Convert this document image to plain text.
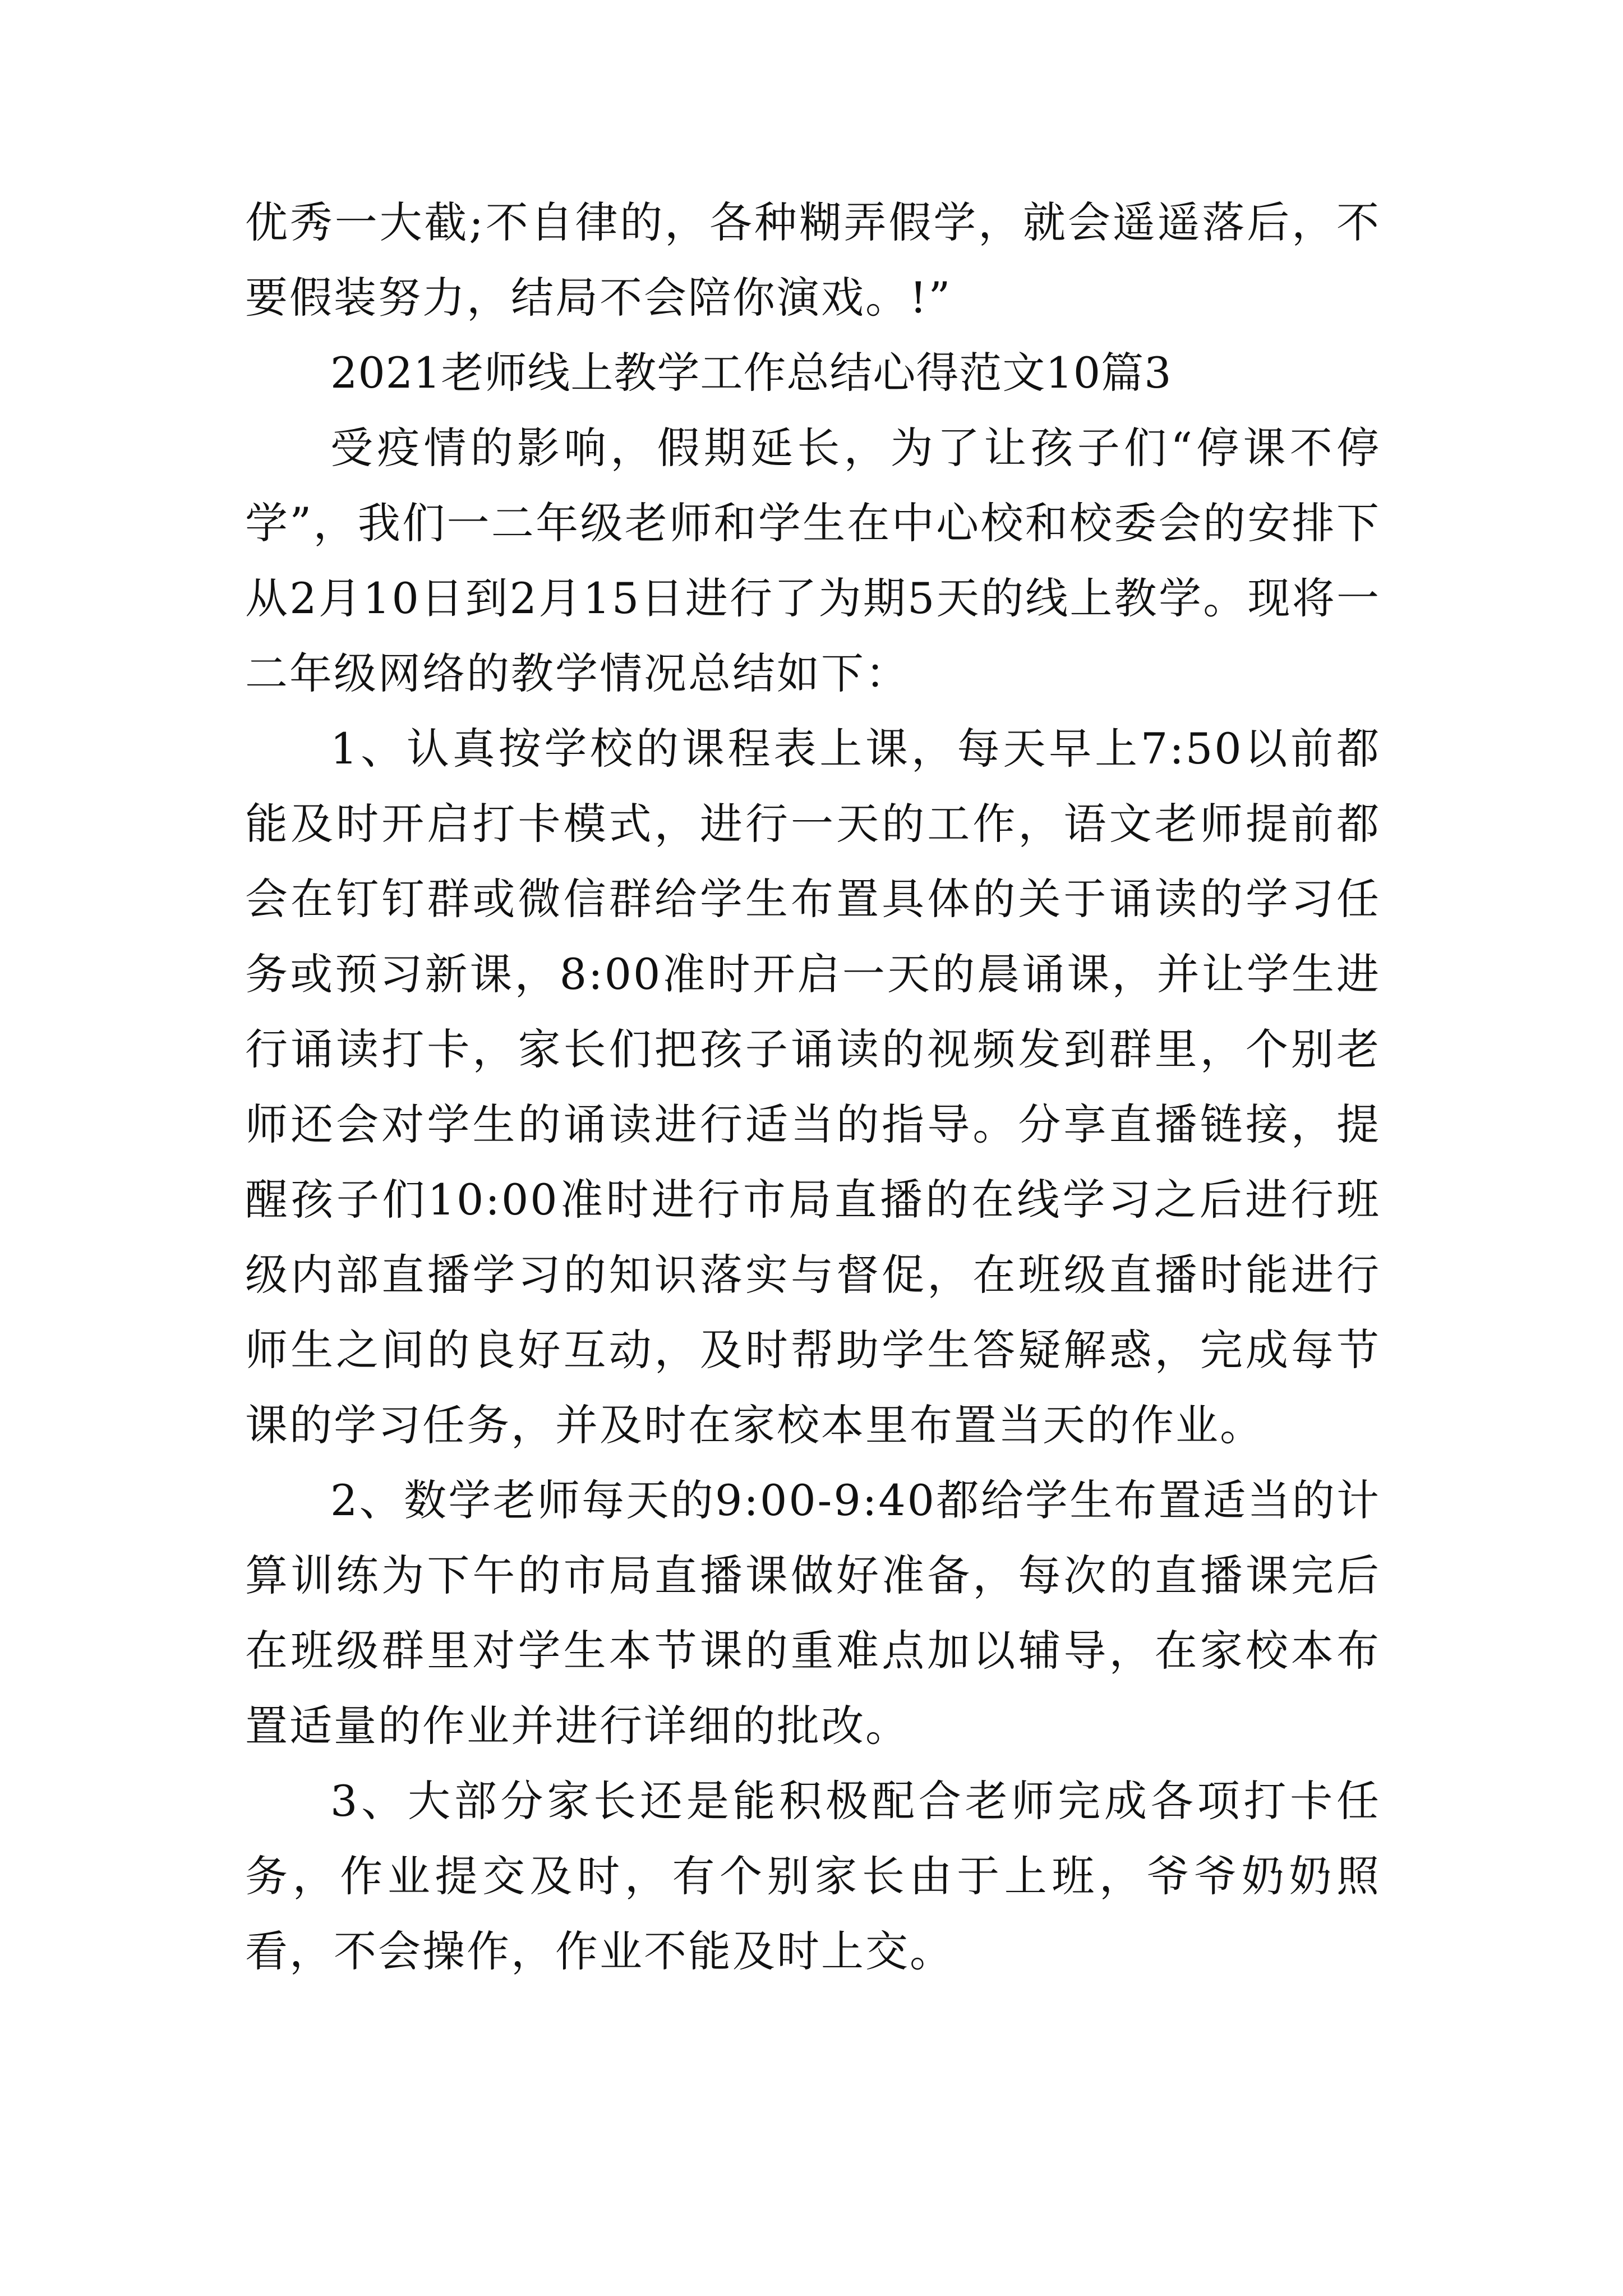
优秀一大截;不自律的，各种糊弄假学，就会遥遥落后，不要假装努力，结局不会陪你演戏。!”

2021老师线上教学工作总结心得范文10篇3

受疫情的影响，假期延长，为了让孩子们“停课不停学”，我们一二年级老师和学生在中心校和校委会的安排下从2月10日到2月15日进行了为期5天的线上教学。现将一二年级网络的教学情况总结如下：

1、认真按学校的课程表上课，每天早上7:50以前都能及时开启打卡模式，进行一天的工作，语文老师提前都会在钉钉群或微信群给学生布置具体的关于诵读的学习任务或预习新课，8:00准时开启一天的晨诵课，并让学生进行诵读打卡，家长们把孩子诵读的视频发到群里，个别老师还会对学生的诵读进行适当的指导。分享直播链接，提醒孩子们10:00准时进行市局直播的在线学习之后进行班级内部直播学习的知识落实与督促，在班级直播时能进行师生之间的良好互动，及时帮助学生答疑解惑，完成每节课的学习任务，并及时在家校本里布置当天的作业。

2、数学老师每天的9:00-9:40都给学生布置适当的计算训练为下午的市局直播课做好准备，每次的直播课完后在班级群里对学生本节课的重难点加以辅导，在家校本布置适量的作业并进行详细的批改。

3、大部分家长还是能积极配合老师完成各项打卡任务，作业提交及时，有个别家长由于上班，爷爷奶奶照看，不会操作，作业不能及时上交。
